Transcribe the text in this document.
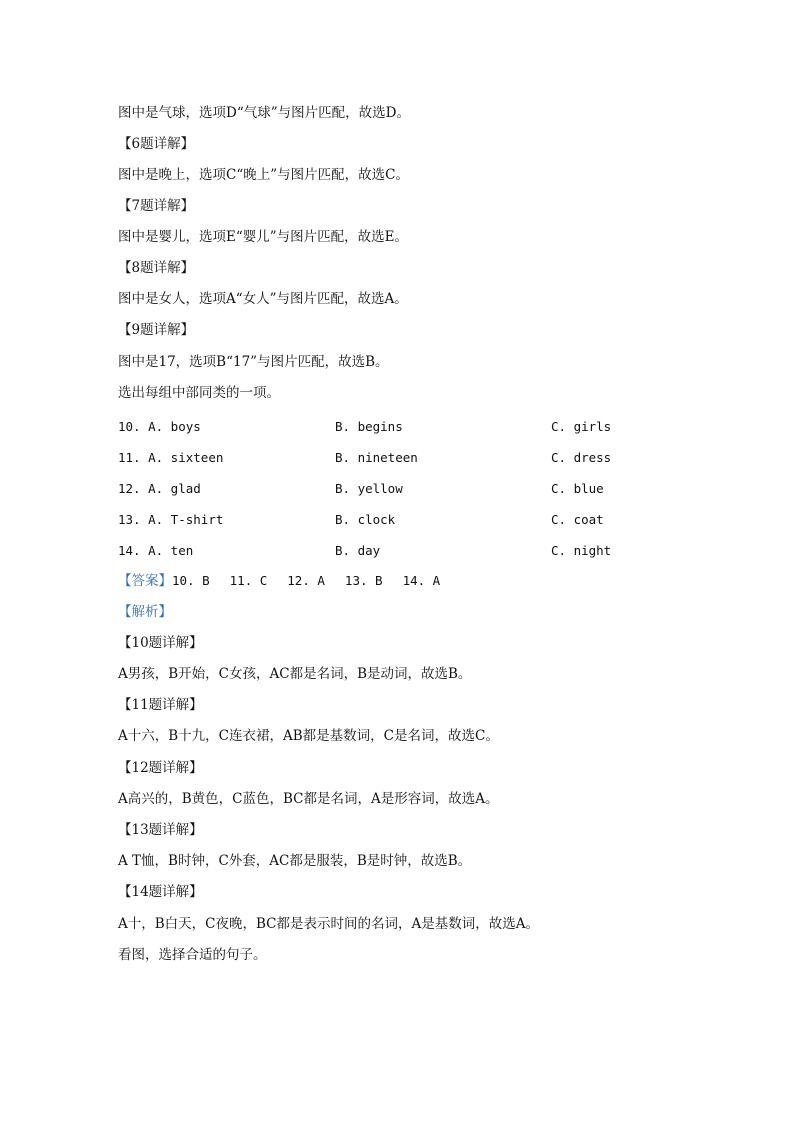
图中是气球，选项D“气球”与图片匹配，故选D。
【6题详解】
图中是晚上，选项C“晚上”与图片匹配，故选C。
【7题详解】
图中是婴儿，选项E“婴儿”与图片匹配，故选E。
【8题详解】
图中是女人，选项A“女人”与图片匹配，故选A。
【9题详解】
图中是17，选项B“17”与图片匹配，故选B。
选出每组中部同类的一项。
10. A. boys	B. begins	C. girls
11. A. sixteen	B. nineteen	C. dress
12. A. glad	B. yellow	C. blue
13. A. T-shirt	B. clock	C. coat
14. A. ten	B. day	C. night
【答案】10. B 11. C 12. A 13. B 14. A
【解析】
【10题详解】
A男孩，B开始，C女孩，AC都是名词，B是动词，故选B。
【11题详解】
A十六，B十九，C连衣裙，AB都是基数词，C是名词，故选C。
【12题详解】
A高兴的，B黄色，C蓝色，BC都是名词，A是形容词，故选A。
【13题详解】
A T恤，B时钟，C外套，AC都是服装，B是时钟，故选B。
【14题详解】
A十，B白天，C夜晚，BC都是表示时间的名词，A是基数词，故选A。
看图，选择合适的句子。
